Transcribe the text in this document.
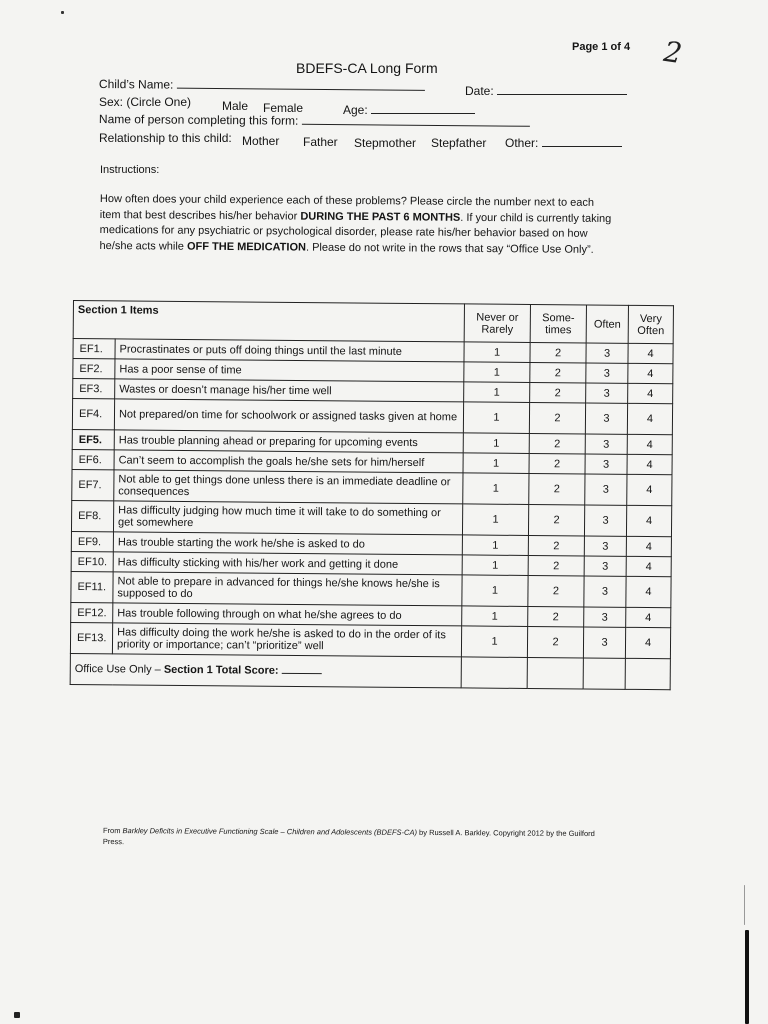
Page 1 of 4 2
BDEFS-CA Long Form
Child’s Name:	Date:
Sex: (Circle One)	Male Female	Age:
Name of person completing this form:
Relationship to this child: Mother Father Stepmother Stepfather Other:
Instructions:
How often does your child experience each of these problems? Please circle the number next to each
item that best describes his/her behavior DURING THE PAST 6 MONTHS. If your child is currently taking
medications for any psychiatric or psychological disorder, please rate his/her behavior based on how
he/she acts while OFF THE MEDICATION. Please do not write in the rows that say “Office Use Only”.
Section 1 Items		Never or Rarely	Some- times	Often	Very Often
EF1.	Procrastinates or puts off doing things until the last minute	1	2	3	4
EF2.	Has a poor sense of time	1	2	3	4
EF3.	Wastes or doesn’t manage his/her time well	1	2	3	4
EF4.	Not prepared/on time for schoolwork or assigned tasks given at home	1	2	3	4
EF5.	Has trouble planning ahead or preparing for upcoming events	1	2	3	4
EF6.	Can’t seem to accomplish the goals he/she sets for him/herself	1	2	3	4
EF7.	Not able to get things done unless there is an immediate deadline or consequences	1	2	3	4
EF8.	Has difficulty judging how much time it will take to do something or get somewhere	1	2	3	4
EF9.	Has trouble starting the work he/she is asked to do	1	2	3	4
EF10.	Has difficulty sticking with his/her work and getting it done	1	2	3	4
EF11.	Not able to prepare in advanced for things he/she knows he/she is supposed to do	1	2	3	4
EF12.	Has trouble following through on what he/she agrees to do	1	2	3	4
EF13.	Has difficulty doing the work he/she is asked to do in the order of its priority or importance; can’t “prioritize” well	1	2	3	4
Office Use Only – Section 1 Total Score:					
From Barkley Deficits in Executive Functioning Scale – Children and Adolescents (BDEFS-CA) by Russell A. Barkley. Copyright 2012 by the Guilford
Press.
